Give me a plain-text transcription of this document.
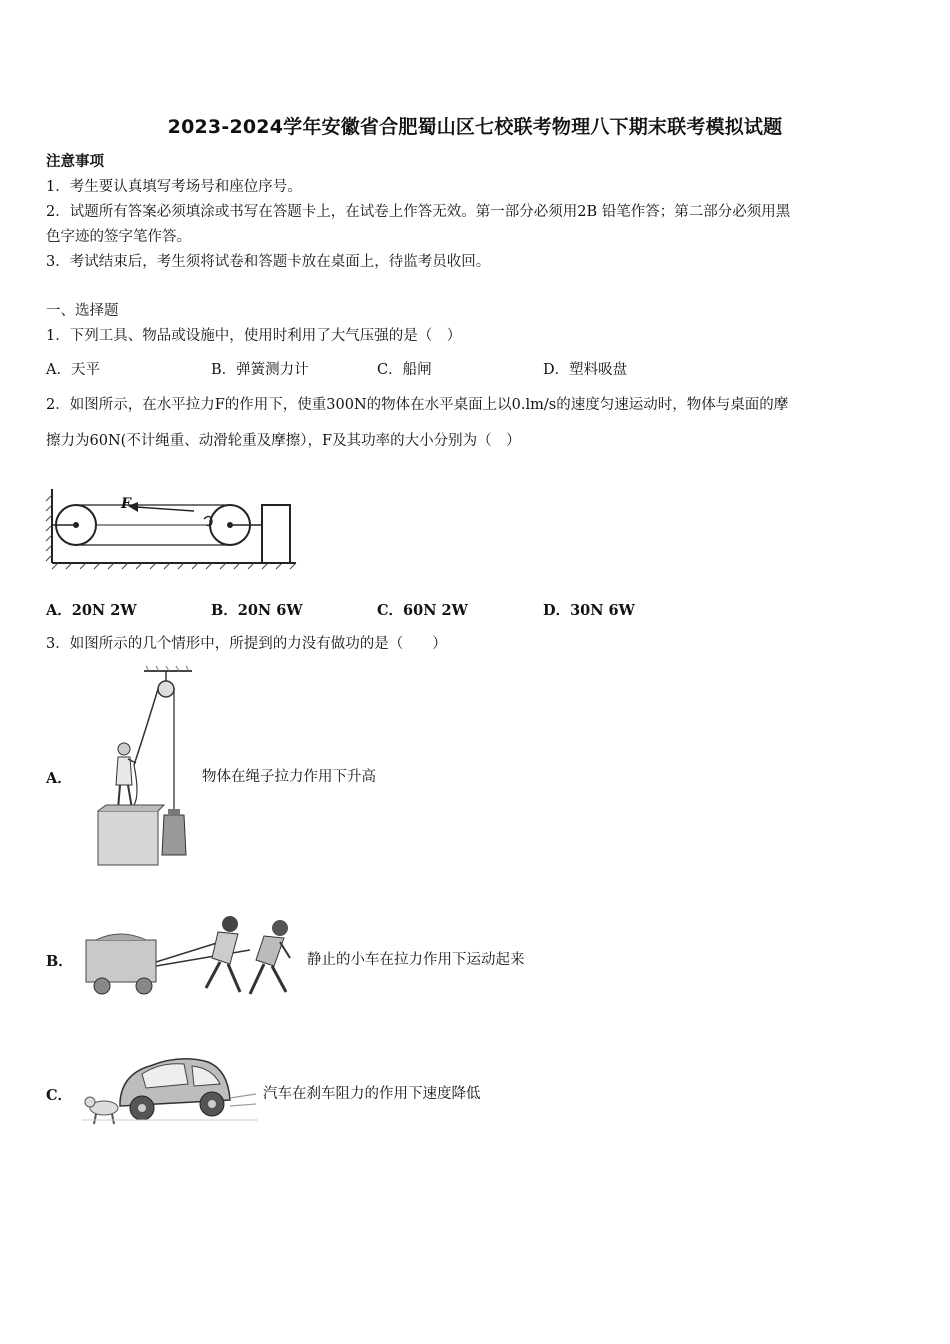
2023-2024学年安徽省合肥蜀山区七校联考物理八下期末联考模拟试题
注意事项
1．考生要认真填写考场号和座位序号。
2．试题所有答案必须填涂或书写在答题卡上，在试卷上作答无效。第一部分必须用2B 铅笔作答；第二部分必须用黑
色字迹的签字笔作答。
3．考试结束后，考生须将试卷和答题卡放在桌面上，待监考员收回。
一、选择题
1．下列工具、物品或设施中，使用时利用了大气压强的是（　）
A．天平	B．弹簧测力计	C．船闸	D．塑料吸盘
2．如图所示，在水平拉力F的作用下，使重300N的物体在水平桌面上以0.lm/s的速度匀速运动时，物体与桌面的摩
擦力为60N(不计绳重、动滑轮重及摩擦），F及其功率的大小分别为（　）
F
A．20N 2W	B．20N 6W	C．60N 2W	D．30N 6W
3．如图所示的几个情形中，所提到的力没有做功的是（　　）
A．	物体在绳子拉力作用下升高
B．	静止的小车在拉力作用下运动起来
C．	汽车在刹车阻力的作用下速度降低
